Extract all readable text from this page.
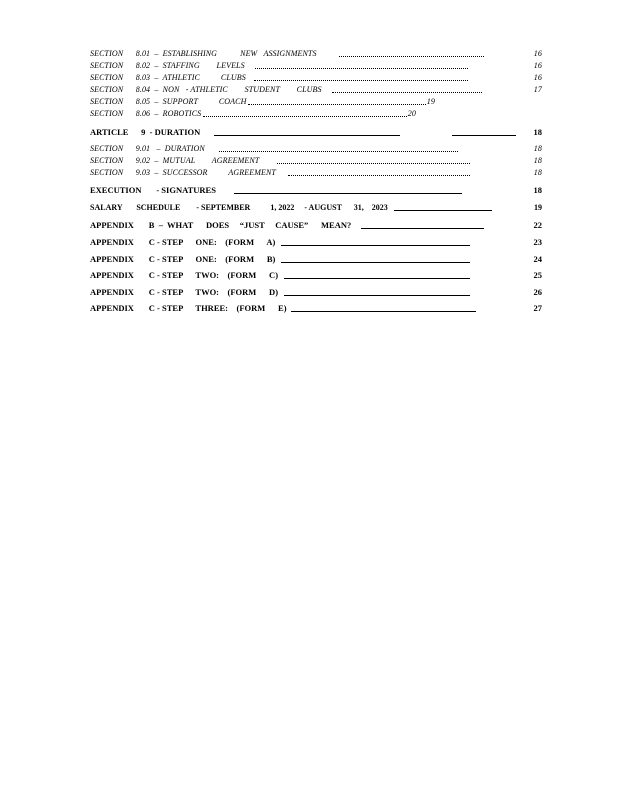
SECTION      8.01  –  ESTABLISHING           NEW   ASSIGNMENTS	16
SECTION      8.02  –  STAFFING        LEVELS	16
SECTION      8.03  –  ATHLETIC          CLUBS	16
SECTION      8.04  –  NON   - ATHLETIC        STUDENT        CLUBS	17
SECTION      8.05  –  SUPPORT          COACH	19
SECTION      8.06  –  ROBOTICS	20
ARTICLE      9  - DURATION	18
SECTION      9.01   –  DURATION	18
SECTION      9.02  –  MUTUAL        AGREEMENT	18
SECTION      9.03  –  SUCCESSOR          AGREEMENT	18
EXECUTION       - SIGNATURES	18
SALARY       SCHEDULE        - SEPTEMBER          1, 2022     - AUGUST      31,    2023	19
APPENDIX       B  –  WHAT      DOES     “JUST     CAUSE”      MEAN?	22
APPENDIX       C - STEP      ONE:    (FORM      A)	23
APPENDIX       C - STEP      ONE:    (FORM      B)	24
APPENDIX       C - STEP      TWO:    (FORM      C)	25
APPENDIX       C - STEP      TWO:    (FORM      D)	26
APPENDIX       C - STEP      THREE:    (FORM      E)	27
